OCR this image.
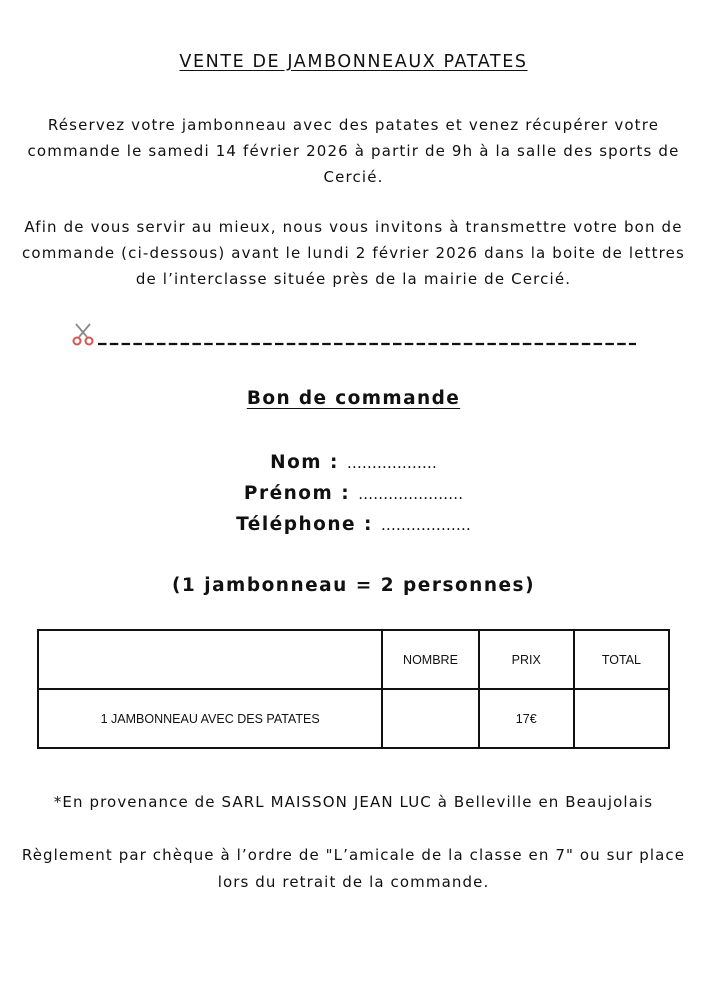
VENTE DE JAMBONNEAUX PATATES
Réservez votre jambonneau avec des patates et venez récupérer votre commande le samedi 14 février 2026 à partir de 9h à la salle des sports de Cercié.
Afin de vous servir au mieux, nous vous invitons à transmettre votre bon de commande (ci-dessous) avant le lundi 2 février 2026 dans la boite de lettres de l’interclasse située près de la mairie de Cercié.
Bon de commande
Nom : ………………
Prénom : …………………
Téléphone : ………………
(1 jambonneau = 2 personnes)
	NOMBRE	PRIX	TOTAL
1 JAMBONNEAU AVEC DES PATATES		17€	
*En provenance de SARL MAISSON JEAN LUC à Belleville en Beaujolais
Règlement par chèque à l’ordre de "L’amicale de la classe en 7" ou sur place lors du retrait de la commande.
